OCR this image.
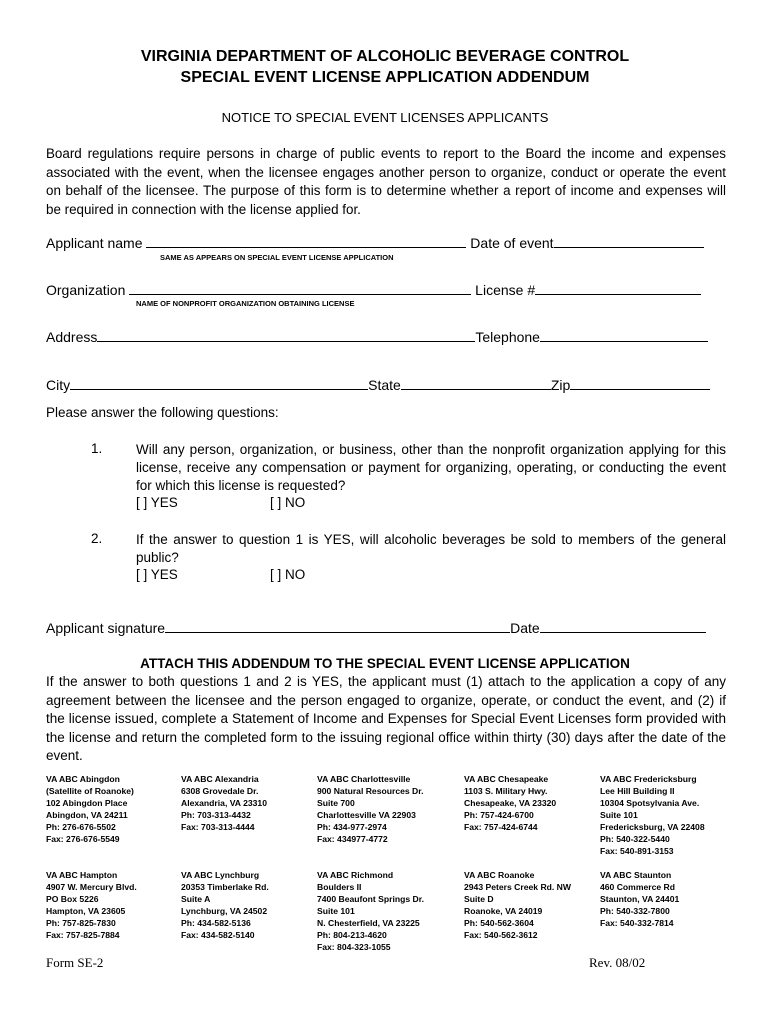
VIRGINIA DEPARTMENT OF ALCOHOLIC BEVERAGE CONTROL
SPECIAL EVENT LICENSE APPLICATION ADDENDUM
NOTICE TO SPECIAL EVENT LICENSES APPLICANTS
Board regulations require persons in charge of public events to report to the Board the income and expenses associated with the event, when the licensee engages another person to organize, conduct or operate the event on behalf of the licensee. The purpose of this form is to determine whether a report of income and expenses will be required in connection with the license applied for.
Applicant name	Date of event
SAME AS APPEARS ON SPECIAL EVENT LICENSE APPLICATION
Organization	License #
NAME OF NONPROFIT ORGANIZATION OBTAINING LICENSE
Address	Telephone
City	State	Zip
Please answer the following questions:
1. Will any person, organization, or business, other than the nonprofit organization applying for this license, receive any compensation or payment for organizing, operating, or conducting the event for which this license is requested?
[ ] YES	[ ] NO
2. If the answer to question 1 is YES, will alcoholic beverages be sold to members of the general public?
[ ] YES	[ ] NO
Applicant signature	Date
ATTACH THIS ADDENDUM TO THE SPECIAL EVENT LICENSE APPLICATION
If the answer to both questions 1 and 2 is YES, the applicant must (1) attach to the application a copy of any agreement between the licensee and the person engaged to organize, operate, or conduct the event, and (2) if the license issued, complete a Statement of Income and Expenses for Special Event Licenses form provided with the license and return the completed form to the issuing regional office within thirty (30) days after the date of the event.
VA ABC Abingdon
(Satellite of Roanoke)
102 Abingdon Place
Abingdon, VA 24211
Ph: 276-676-5502
Fax: 276-676-5549
VA ABC Alexandria
6308 Grovedale Dr.
Alexandria, VA 23310
Ph: 703-313-4432
Fax: 703-313-4444
VA ABC Charlottesville
900 Natural Resources Dr.
Suite 700
Charlottesville VA 22903
Ph: 434-977-2974
Fax: 434977-4772
VA ABC Chesapeake
1103 S. Military Hwy.
Chesapeake, VA 23320
Ph: 757-424-6700
Fax: 757-424-6744
VA ABC Fredericksburg
Lee Hill Building II
10304 Spotsylvania Ave.
Suite 101
Fredericksburg, VA 22408
Ph: 540-322-5440
Fax: 540-891-3153
VA ABC Hampton
4907 W. Mercury Blvd.
PO Box 5226
Hampton, VA 23605
Ph: 757-825-7830
Fax: 757-825-7884
VA ABC Lynchburg
20353 Timberlake Rd.
Suite A
Lynchburg, VA 24502
Ph: 434-582-5136
Fax: 434-582-5140
VA ABC Richmond
Boulders II
7400 Beaufont Springs Dr.
Suite 101
N. Chesterfield, VA 23225
Ph: 804-213-4620
Fax: 804-323-1055
VA ABC Roanoke
2943 Peters Creek Rd. NW
Suite D
Roanoke, VA 24019
Ph: 540-562-3604
Fax: 540-562-3612
VA ABC Staunton
460 Commerce Rd
Staunton, VA 24401
Ph: 540-332-7800
Fax: 540-332-7814
Form SE-2	Rev. 08/02
